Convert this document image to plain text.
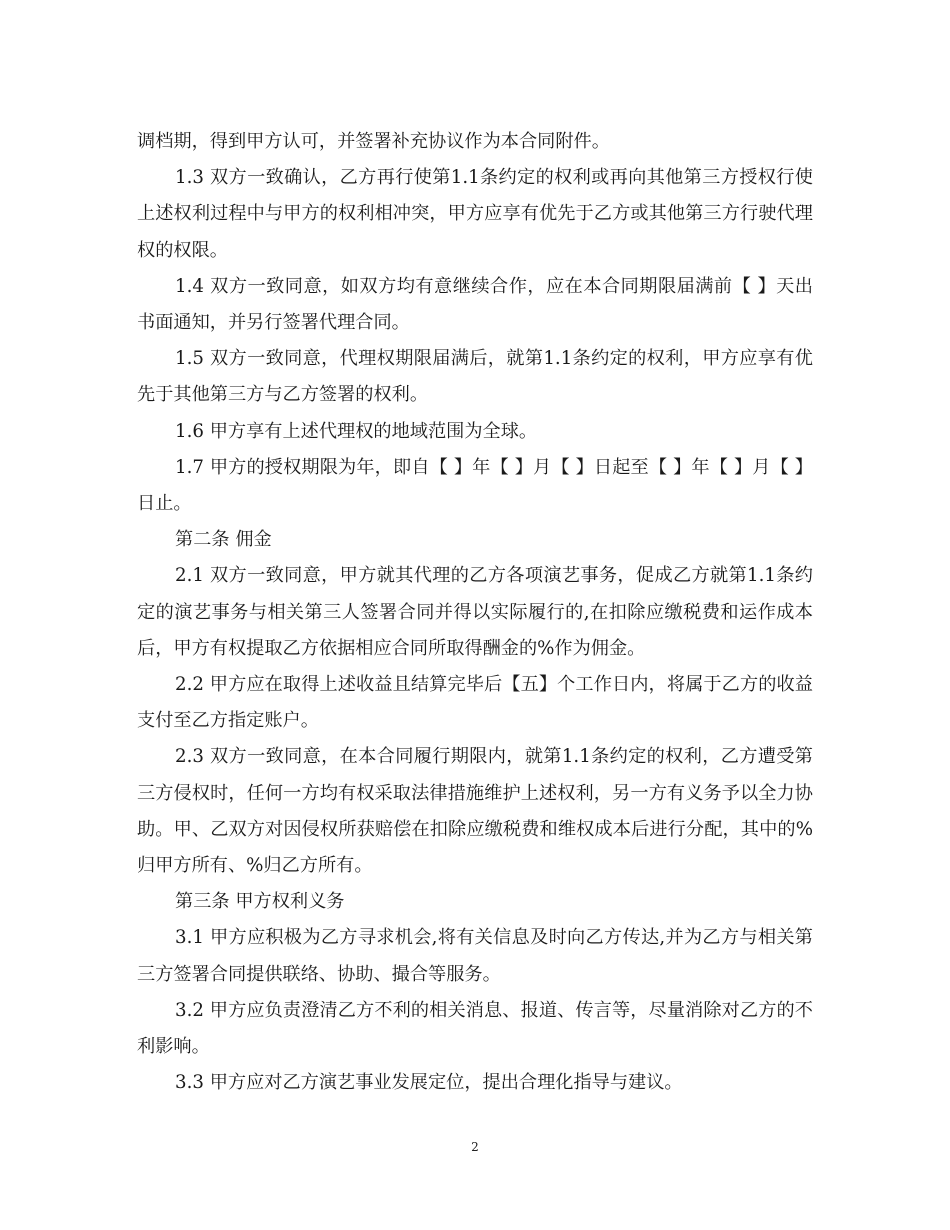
调档期，得到甲方认可，并签署补充协议作为本合同附件。

1.3 双方一致确认，乙方再行使第1.1条约定的权利或再向其他第三方授权行使上述权利过程中与甲方的权利相冲突，甲方应享有优先于乙方或其他第三方行驶代理权的权限。

1.4 双方一致同意，如双方均有意继续合作，应在本合同期限届满前【 】天出书面通知，并另行签署代理合同。

1.5 双方一致同意，代理权期限届满后，就第1.1条约定的权利，甲方应享有优先于其他第三方与乙方签署的权利。

1.6 甲方享有上述代理权的地域范围为全球。

1.7 甲方的授权期限为年，即自【 】年【 】月【 】日起至【 】年【 】月【 】日止。

第二条 佣金

2.1 双方一致同意，甲方就其代理的乙方各项演艺事务，促成乙方就第1.1条约定的演艺事务与相关第三人签署合同并得以实际履行的,在扣除应缴税费和运作成本后，甲方有权提取乙方依据相应合同所取得酬金的%作为佣金。

2.2 甲方应在取得上述收益且结算完毕后【五】个工作日内，将属于乙方的收益支付至乙方指定账户。

2.3 双方一致同意，在本合同履行期限内，就第1.1条约定的权利，乙方遭受第三方侵权时，任何一方均有权采取法律措施维护上述权利，另一方有义务予以全力协助。甲、乙双方对因侵权所获赔偿在扣除应缴税费和维权成本后进行分配，其中的%归甲方所有、%归乙方所有。

第三条 甲方权利义务

3.1 甲方应积极为乙方寻求机会,将有关信息及时向乙方传达,并为乙方与相关第三方签署合同提供联络、协助、撮合等服务。

3.2 甲方应负责澄清乙方不利的相关消息、报道、传言等，尽量消除对乙方的不利影响。

3.3 甲方应对乙方演艺事业发展定位，提出合理化指导与建议。

2
